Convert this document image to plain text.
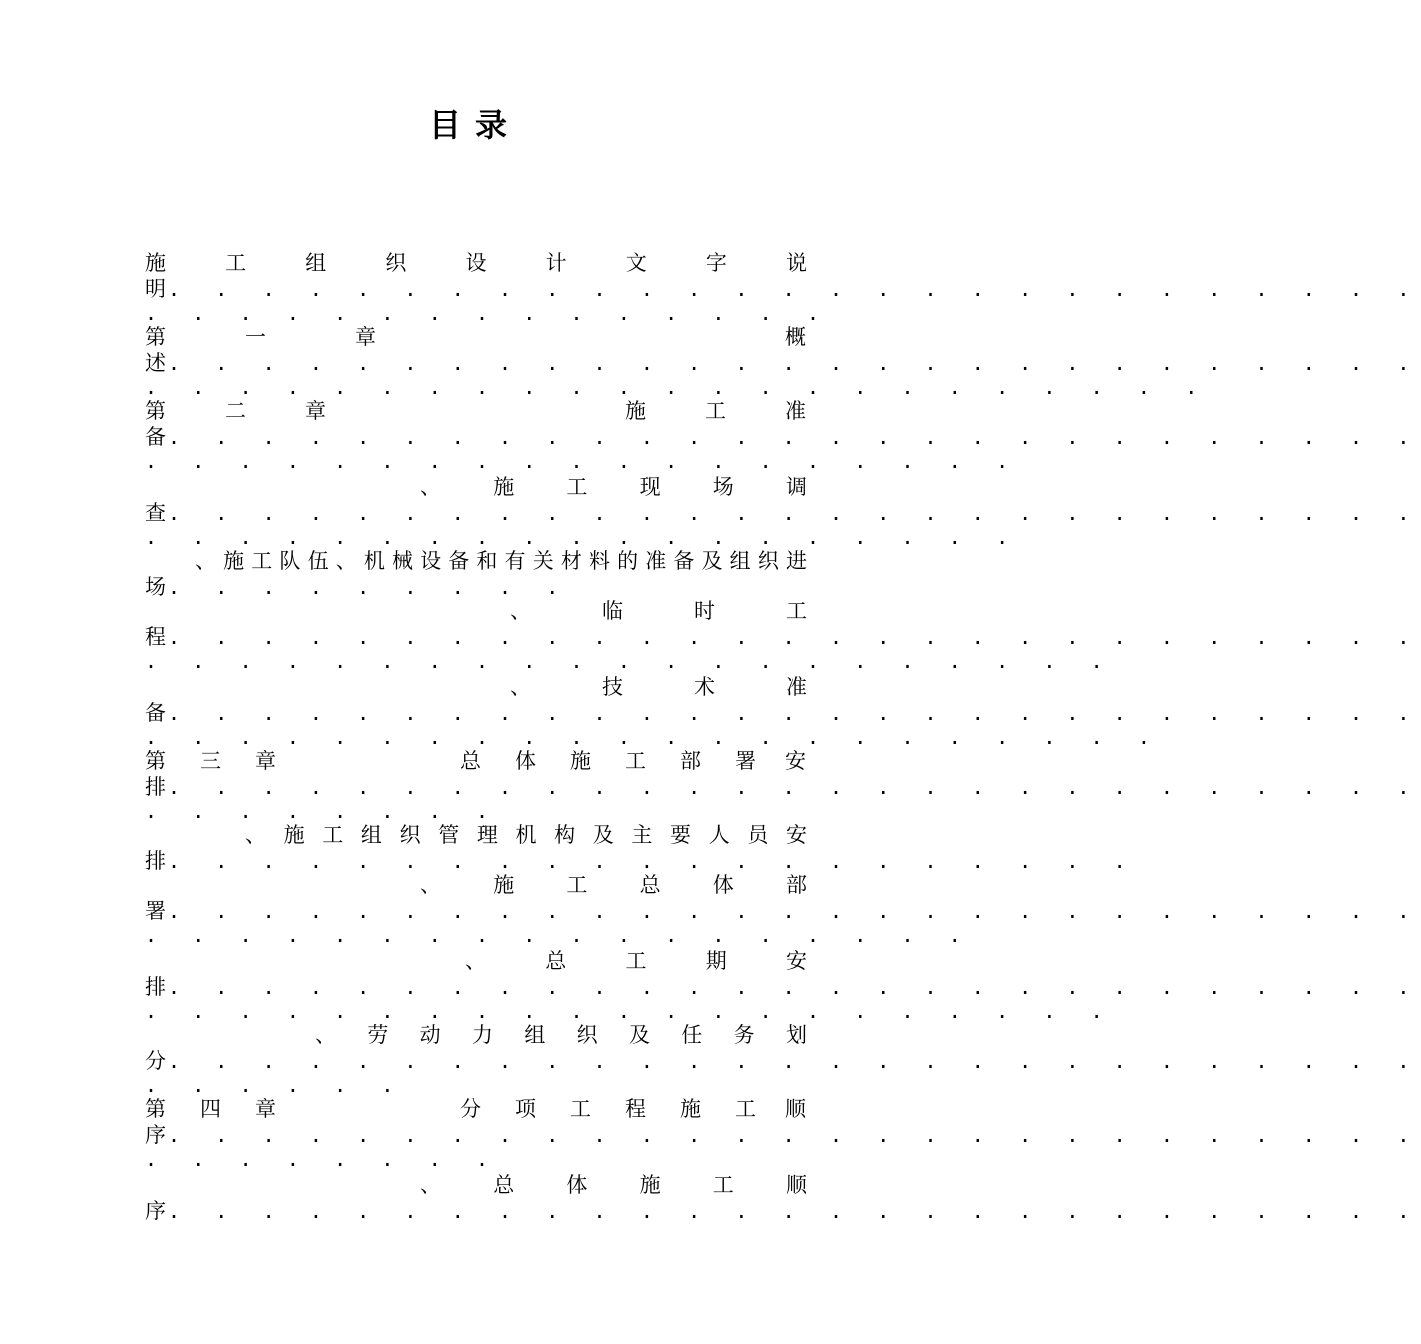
目录
施	工	组	织	设	计	文	字	说
明 . . . . . . . . . . . . . . . . . . . . . . . . . . .
. . . . . . . . . . . . . . .
第	一	章	概
述 . . . . . . . . . . . . . . . . . . . . . . . . . . .
. . . . . . . . . . . . . . . . . . . . . . .
第	二	章	施	工	准
备 . . . . . . . . . . . . . . . . . . . . . . . . . . .
. . . . . . . . . . . . . . . . . . .
、 施 工 现 场 调
查 . . . . . . . . . . . . . . . . . . . . . . . . . . .
. . . . . . . . . . . . . . . . . . .
、 施 工 队 伍 、 机 械 设 备 和 有 关 材 料 的 准 备 及 组 织 进
场 . . . . . . . . .
、	临	时	工
程 . . . . . . . . . . . . . . . . . . . . . . . . . . .
. . . . . . . . . . . . . . . . . . . . .
、	技	术	准
备 . . . . . . . . . . . . . . . . . . . . . . . . . . .
. . . . . . . . . . . . . . . . . . . . . .
第 三 章	总 体 施 工 部 署 安
排 . . . . . . . . . . . . . . . . . . . . . . . . . . .
. . . . . . . .
、 施 工 组 织 管 理 机 构 及 主 要 人 员 安
排 . . . . . . . . . . . . . . . . . . . . .
、 施 工 总 体 部
署 . . . . . . . . . . . . . . . . . . . . . . . . . . .
. . . . . . . . . . . . . . . . . .
、	总	工	期	安
排 . . . . . . . . . . . . . . . . . . . . . . . . . . .
. . . . . . . . . . . . . . . . . . . . .
、 劳 动 力 组 织 及 任 务 划
分 . . . . . . . . . . . . . . . . . . . . . . . . . . .
. . . . . .
第 四 章	分 项 工 程 施 工 顺
序 . . . . . . . . . . . . . . . . . . . . . . . . . . .
. . . . . . . .
、 总 体 施 工 顺
序 . . . . . . . . . . . . . . . . . . . . . . . . . . .
